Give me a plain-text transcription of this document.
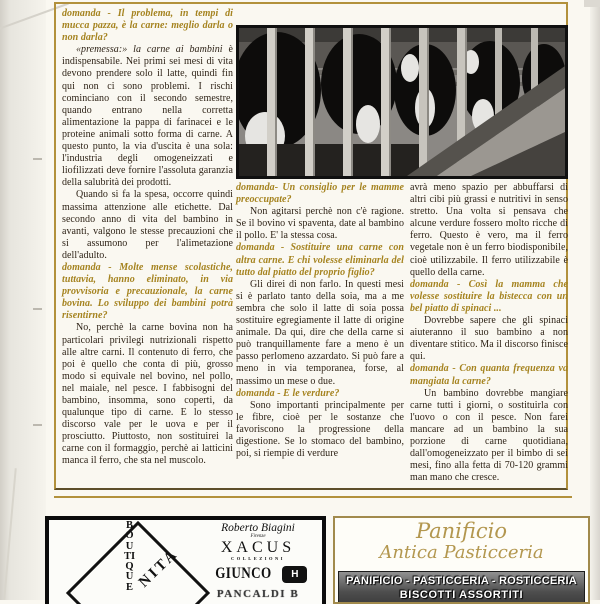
domanda - Il problema, in tempi di mucca pazza, è la carne: meglio darla o non darla?

«premessa:» la carne ai bambini è indispensabile. Nei primi sei mesi di vita devono prendere solo il latte, quindi fin qui non ci sono problemi. I rischi cominciano con il secondo semestre, quando entrano nella corretta alimentazione la pappa di farinacei e le proteine animali sotto forma di carne. A questo punto, la via d'uscita è una sola: l'industria degli omogeneizzati e liofilizzati deve fornire l'assoluta garanzia della salubrità dei prodotti.

Quando si fa la spesa, occorre quindi massima attenzione alle etichette. Dal secondo anno di vita del bambino in avanti, valgono le stesse precauzioni che si assumono per l'alimetazione dell'adulto.

domanda - Molte mense scolastiche, tuttavia, hanno eliminato, in via provvisoria e precauzionale, la carne bovina. Lo sviluppo dei bambini potrà risentirne?

No, perchè la carne bovina non ha particolari privilegi nutrizionali rispetto alle altre carni. Il contenuto di ferro, che poi è quello che conta di più, grosso modo si equivale nel bovino, nel pollo, nel maiale, nel pesce. I fabbisogni del bambino, insomma, sono coperti, da qualunque tipo di carne. E lo stesso discorso vale per le uova e per il prosciutto. Piuttosto, non sostituirei la carne con il formaggio, perchè ai latticini manca il ferro, che sta nel muscolo.

domanda- Un consiglio per le mamme preoccupate?

Non agitarsi perchè non c'è ragione. Se il bovino vi spaventa, date al bambino il pollo. E' la stessa cosa.

domanda - Sostituire una carne con altra carne. E chi volesse eliminarla del tutto dal piatto del proprio figlio?

Gli direi di non farlo. In questi mesi si è parlato tanto della soia, ma a me sembra che solo il latte di soia possa sostituire egregiamente il latte di origine animale. Da qui, dire che della carne si può tranquillamente fare a meno è un passo perlomeno azzardato. Si può fare a meno in via temporanea, forse, al massimo un mese o due.

domanda - E le verdure?

Sono importanti principalmente per le fibre, cioè per le sostanze che favoriscono la progressione della digestione. Se lo stomaco del bambino, poi, si riempie di verdure

avrà meno spazio per abbuffarsi di altri cibi più grassi e nutritivi in senso stretto. Una volta si pensava che alcune verdure fossero molto ricche di ferro. Questo è vero, ma il ferro vegetale non è un ferro biodisponibile, cioè utilizzabile. Il ferro utilizzabile è quello della carne.

domanda - Così la mamma che volesse sostituire la bistecca con un bel piatto di spinaci ...

Dovrebbe sapere che gli spinaci aiuteranno il suo bambino a non diventare stitico. Ma il discorso finisce qui.

domanda - Con quanta frequenza va mangiata la carne?

Un bambino dovrebbe mangiare carne tutti i giorni, o sostituirla con l'uovo o con il pesce. Non farei mancare ad un bambino la sua porzione di carne quotidiana, dall'omogeneizzato per il bimbo di sei mesi, fino alla fetta di 70-120 grammi man mano che cresce.

BOUTIQUE NITA
Roberto Biagini
Firenze
XACUS
COLLEZIONI
GIUNCO	H
PANCALDI B
Panificio
Antica Pasticceria
PANIFICIO - PASTICCERIA - ROSTICCERIA
BISCOTTI ASSORTITI
